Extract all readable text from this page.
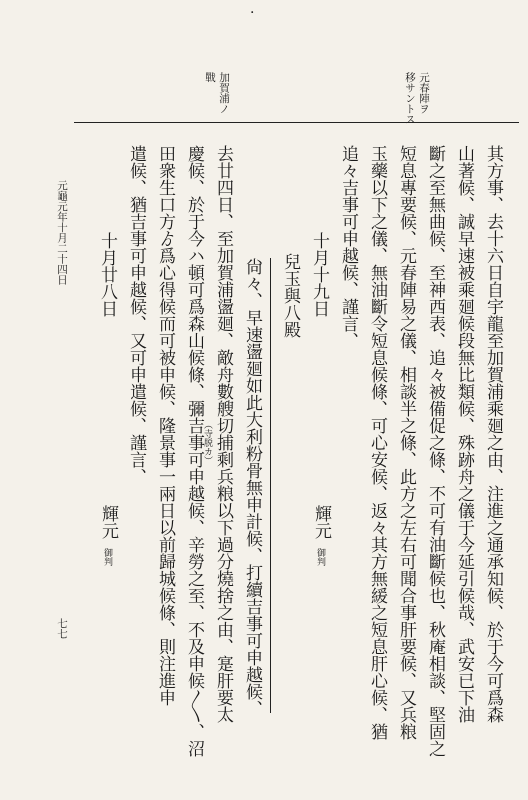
·
元春陣ヲ
移サントス
加賀浦ノ
戰
其方事、去十六日自宇龍至加賀浦乘廻之由、注進之通承知候、於于今可爲森
山著候、誠早速被乘廻候段無比類候、殊跡舟之儀于今延引候哉、武安已下油
斷之至無曲候、至神西表、追々被備促之條、不可有油斷候也、秋庵相談、堅固之
短息專要候、元春陣易之儀、相談半之條、此方之左右可聞合事肝要候、又兵粮
玉藥以下之儀、無油斷令短息候條、可心安候、返々其方無緩之短息肝心候、猶
追々吉事可申越候、謹言、
十月十九日
兒玉與八殿
輝元
御判
尙々、早速盪廻如此大利粉骨無申計候、打續吉事可申越候、
去廿四日、至加賀浦盪廻、敵舟數艘切捕剩兵粮以下過分燒捨之由、寔肝要太
（寺脱カ）
慶候、於于今ハ頓可爲森山候條、彌吉事可申越候、辛勞之至、不及申候〱、沼
田衆生口方ゟ爲心得候而可被申候、隆景事一兩日以前歸城候條、則注進申
遣候、猶吉事可申越候、又可申遣候、謹言、
十月廿八日
輝元
御判
元龜元年十月二十四日
七七
